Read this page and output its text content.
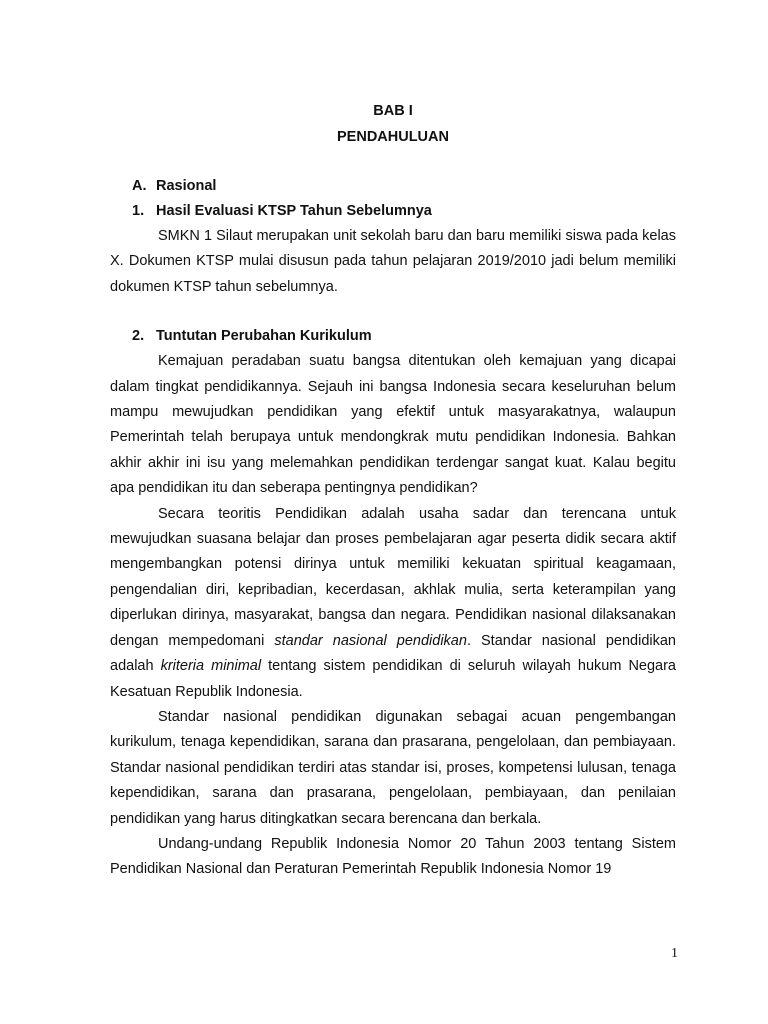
BAB I

PENDAHULUAN

A. Rasional

1. Hasil Evaluasi KTSP Tahun Sebelumnya

SMKN 1 Silaut merupakan unit sekolah baru dan baru memiliki siswa pada kelas X. Dokumen KTSP mulai disusun pada tahun pelajaran 2019/2010 jadi belum memiliki dokumen KTSP tahun sebelumnya.

2. Tuntutan Perubahan Kurikulum

Kemajuan peradaban suatu bangsa ditentukan oleh kemajuan yang dicapai dalam tingkat pendidikannya. Sejauh ini bangsa Indonesia secara keseluruhan belum mampu mewujudkan pendidikan yang efektif untuk masyarakatnya, walaupun Pemerintah telah berupaya untuk mendongkrak mutu pendidikan Indonesia. Bahkan akhir akhir ini isu yang melemahkan pendidikan terdengar sangat kuat. Kalau begitu apa pendidikan itu dan seberapa pentingnya pendidikan?

Secara teoritis Pendidikan adalah usaha sadar dan terencana untuk mewujudkan suasana belajar dan proses pembelajaran agar peserta didik secara aktif mengembangkan potensi dirinya untuk memiliki kekuatan spiritual keagamaan, pengendalian diri, kepribadian, kecerdasan, akhlak mulia, serta keterampilan yang diperlukan dirinya, masyarakat, bangsa dan negara. Pendidikan nasional dilaksanakan dengan mempedomani standar nasional pendidikan. Standar nasional pendidikan adalah kriteria minimal tentang sistem pendidikan di seluruh wilayah hukum Negara Kesatuan Republik Indonesia.

Standar nasional pendidikan digunakan sebagai acuan pengembangan kurikulum, tenaga kependidikan, sarana dan prasarana, pengelolaan, dan pembiayaan. Standar nasional pendidikan terdiri atas standar isi, proses, kompetensi lulusan, tenaga kependidikan, sarana dan prasarana, pengelolaan, pembiayaan, dan penilaian pendidikan yang harus ditingkatkan secara berencana dan berkala.

Undang-undang Republik Indonesia Nomor 20 Tahun 2003 tentang Sistem Pendidikan Nasional dan Peraturan Pemerintah Republik Indonesia Nomor 19

1
